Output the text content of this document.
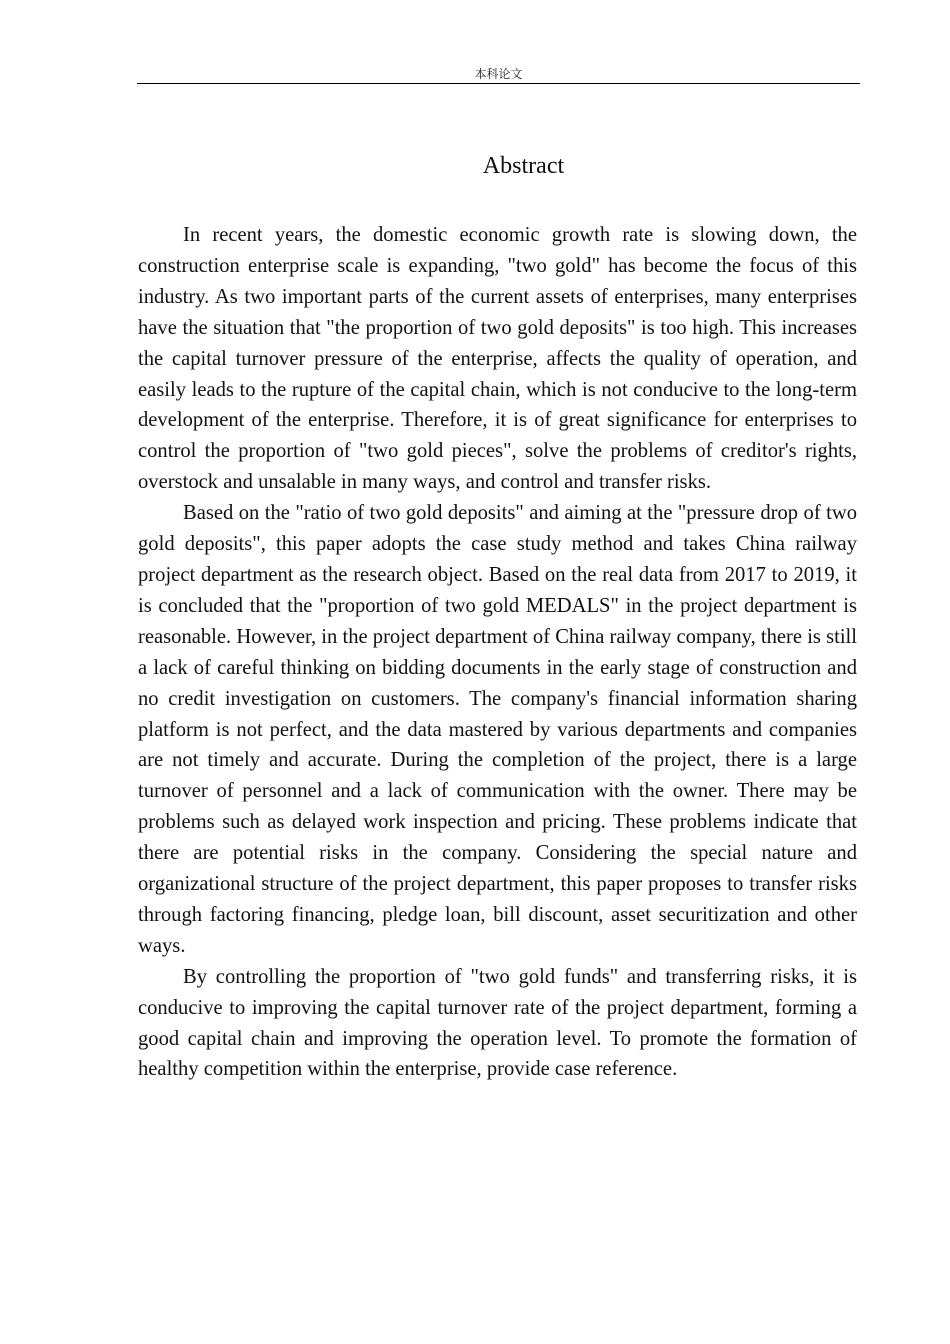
本科论文
Abstract

In recent years, the domestic economic growth rate is slowing down, the construction enterprise scale is expanding, "two gold" has become the focus of this industry. As two important parts of the current assets of enterprises, many enterprises have the situation that "the proportion of two gold deposits" is too high. This increases the capital turnover pressure of the enterprise, affects the quality of operation, and easily leads to the rupture of the capital chain, which is not conducive to the long-term development of the enterprise. Therefore, it is of great significance for enterprises to control the proportion of "two gold pieces", solve the problems of creditor's rights, overstock and unsalable in many ways, and control and transfer risks.

Based on the "ratio of two gold deposits" and aiming at the "pressure drop of two gold deposits", this paper adopts the case study method and takes China railway project department as the research object. Based on the real data from 2017 to 2019, it is concluded that the "proportion of two gold MEDALS" in the project department is reasonable. However, in the project department of China railway company, there is still a lack of careful thinking on bidding documents in the early stage of construction and no credit investigation on customers. The company's financial information sharing platform is not perfect, and the data mastered by various departments and companies are not timely and accurate. During the completion of the project, there is a large turnover of personnel and a lack of communication with the owner. There may be problems such as delayed work inspection and pricing. These problems indicate that there are potential risks in the company. Considering the special nature and organizational structure of the project department, this paper proposes to transfer risks through factoring financing, pledge loan, bill discount, asset securitization and other ways.

By controlling the proportion of "two gold funds" and transferring risks, it is conducive to improving the capital turnover rate of the project department, forming a good capital chain and improving the operation level. To promote the formation of healthy competition within the enterprise, provide case reference.
